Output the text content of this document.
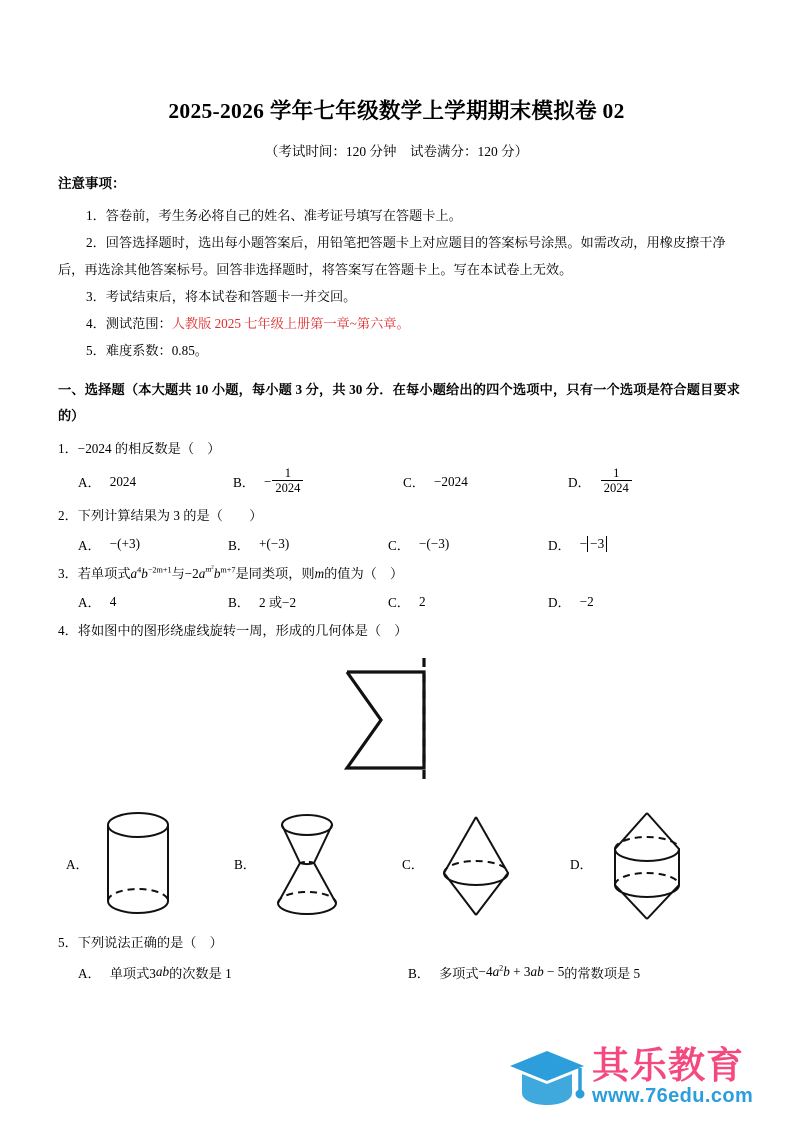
2025-2026 学年七年级数学上学期期末模拟卷 02
（考试时间：120 分钟　试卷满分：120 分）
注意事项：

1．答卷前，考生务必将自己的姓名、准考证号填写在答题卡上。

2．回答选择题时，选出每小题答案后，用铅笔把答题卡上对应题目的答案标号涂黑。如需改动，用橡皮擦干净后，再选涂其他答案标号。回答非选择题时，将答案写在答题卡上。写在本试卷上无效。

3．考试结束后，将本试卷和答题卡一并交回。

4．测试范围：人教版 2025 七年级上册第一章~第六章。

5．难度系数：0.85。

一、选择题（本大题共 10 小题，每小题 3 分，共 30 分．在每小题给出的四个选项中，只有一个选项是符合题目要求的）
1．−2024 的相反数是（　）
A． 2024	B． − $\frac{1}{2024}$	C． −2024	D． $\frac{1}{2024}$
2．下列计算结果为 3 的是（　　）
A． −(+3)	B． +(−3)	C． −(−3)	D． − −3
3．若单项式$a^4b^{-2m+1}$与$-2a^{m^2}b^{m+7}$是同类项，则m的值为（　）
A． 4	B． 2 或−2	C． 2	D． −2
4．将如图中的图形绕虚线旋转一周，形成的几何体是（　）
A．	B．	C．	D．
5．下列说法正确的是（　）
A． 单项式3 ab 的次数是 1	B． 多项式 $-4a^2b + 3ab - 5$ 的常数项是 5
其乐教育
www.76edu.com
